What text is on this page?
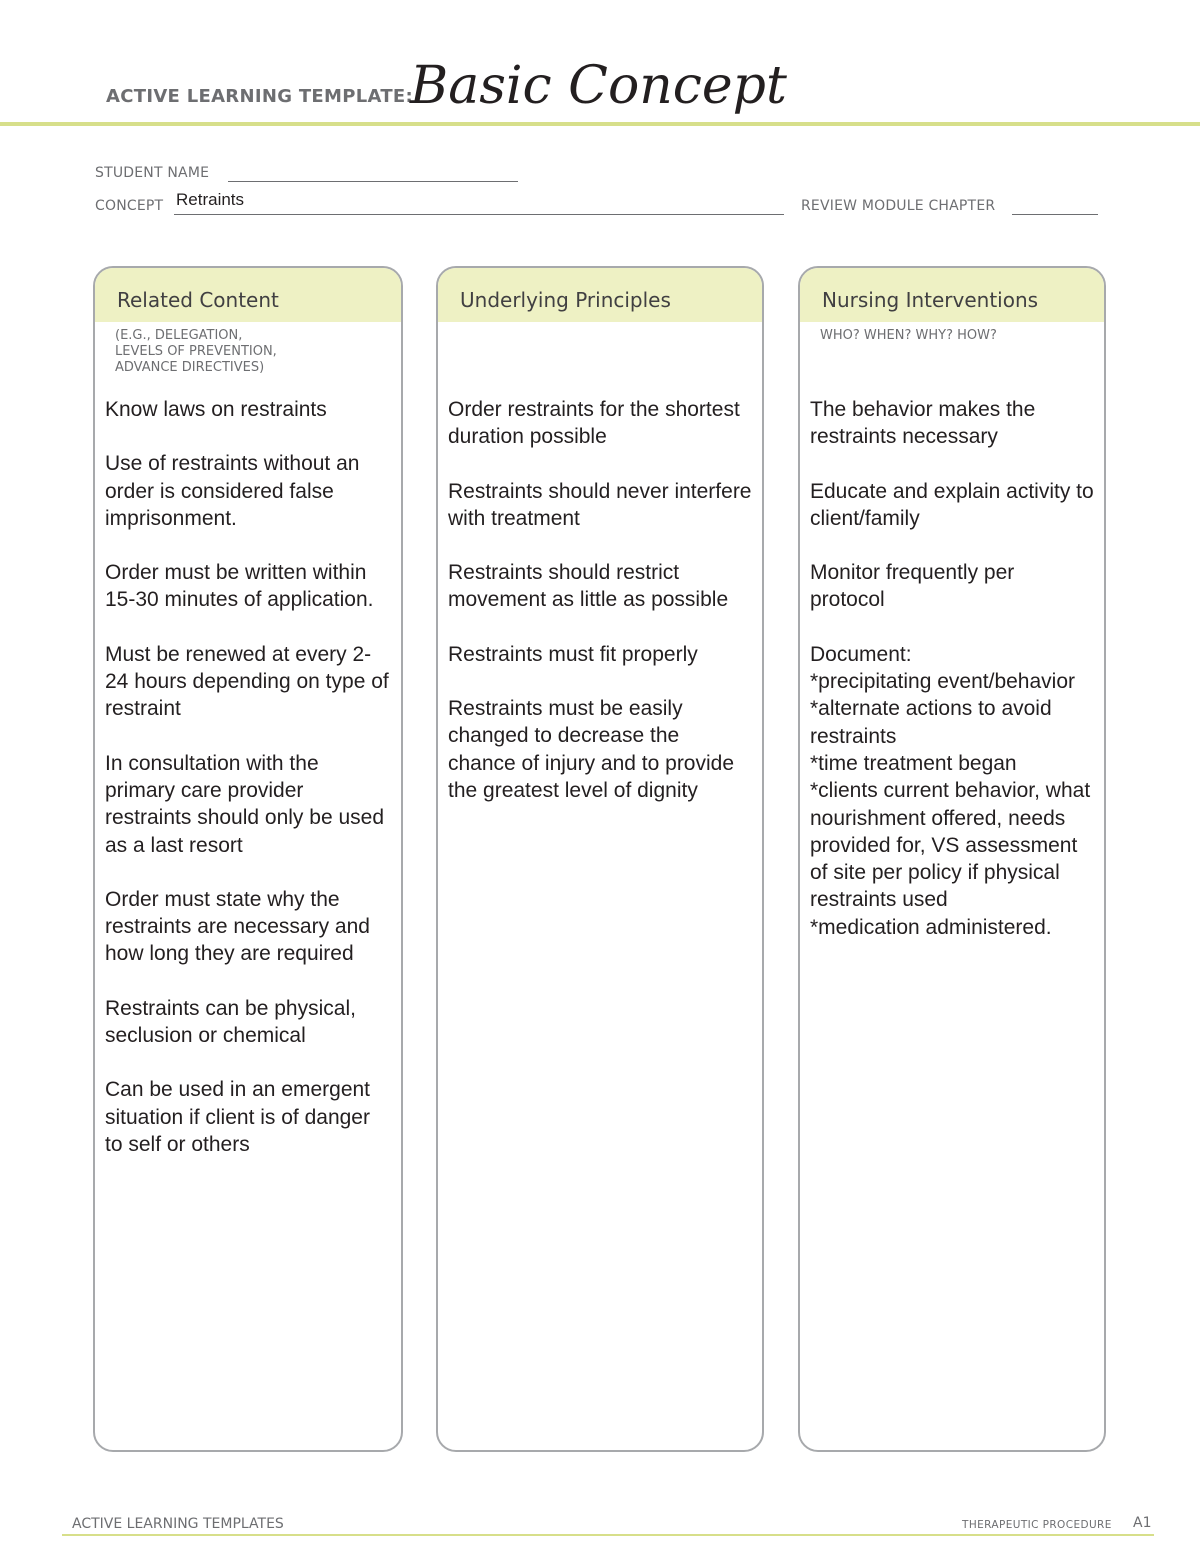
ACTIVE LEARNING TEMPLATE:
Basic Concept
STUDENT NAME
CONCEPT Retraints	REVIEW MODULE CHAPTER
Related Content
(E.G., DELEGATION,
LEVELS OF PREVENTION,
ADVANCE DIRECTIVES)

Know laws on restraints

Use of restraints without an order is considered false imprisonment.

Order must be written within 15-30 minutes of application.

Must be renewed at every 2- 24 hours depending on type of restraint

In consultation with the primary care provider restraints should only be used as a last resort

Order must state why the restraints are necessary and how long they are required

Restraints can be physical, seclusion or chemical

Can be used in an emergent situation if client is of danger to self or others

Underlying Principles

Order restraints for the shortest duration possible

Restraints should never interfere with treatment

Restraints should restrict movement as little as possible

Restraints must fit properly

Restraints must be easily changed to decrease the chance of injury and to provide the greatest level of dignity

Nursing Interventions
WHO? WHEN? WHY? HOW?

The behavior makes the restraints necessary

Educate and explain activity to client/family

Monitor frequently per protocol

Document:
*precipitating event/behavior
*alternate actions to avoid
restraints
*time treatment began
*clients current behavior, what nourishment offered, needs provided for, VS assessment of site per policy if physical restraints used
*medication administered.

ACTIVE LEARNING TEMPLATES	THERAPEUTIC PROCEDURE A1
